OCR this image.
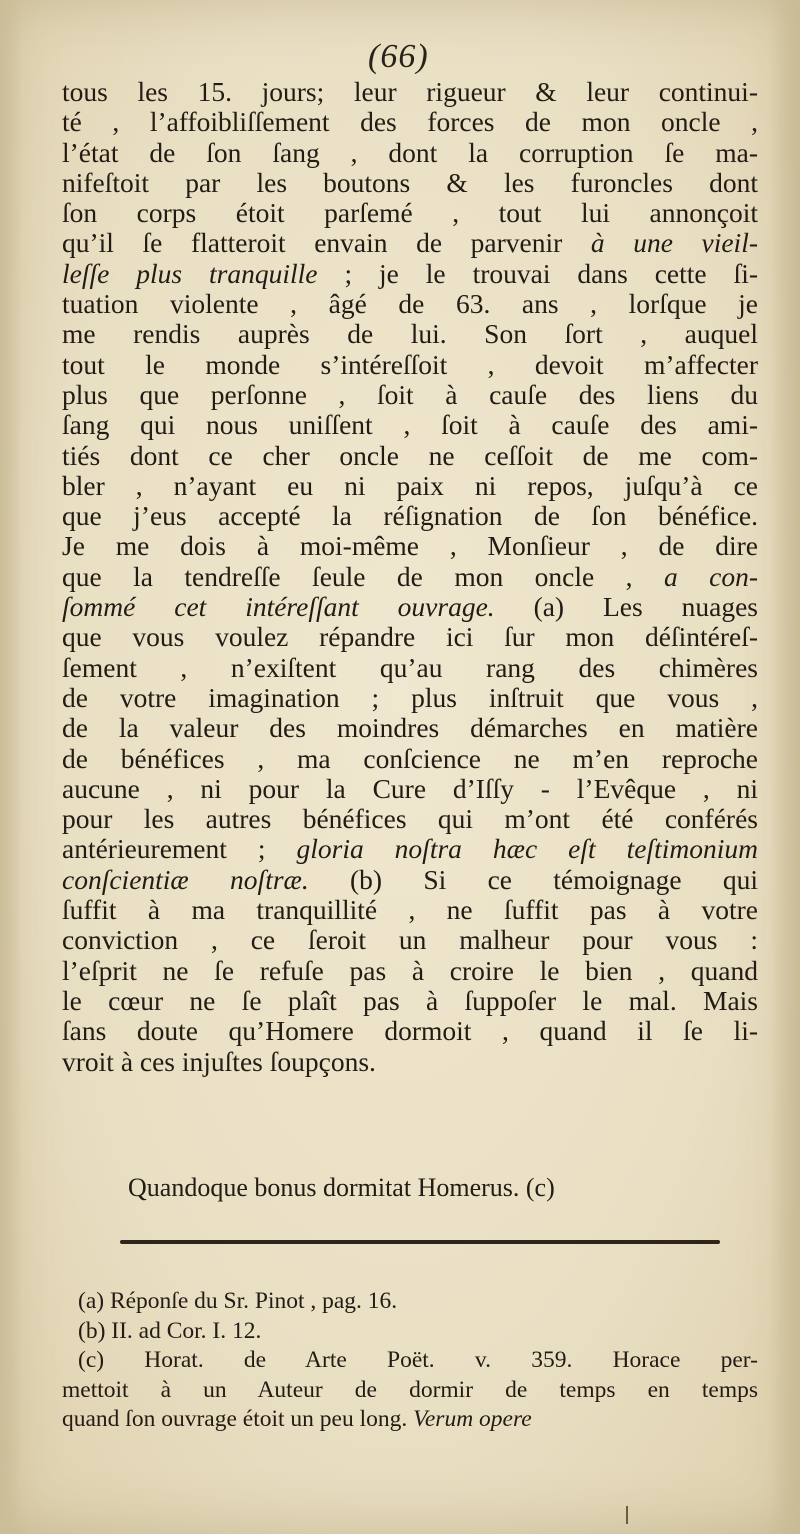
(66)
tous les 15. jours; leur rigueur & leur continui-
té , l’affoibliſſement des forces de mon oncle ,
l’état de ſon ſang , dont la corruption ſe ma-
nifeſtoit par les boutons & les furoncles dont
ſon corps étoit parſemé , tout lui annonçoit
qu’il ſe flatteroit envain de parvenir à une vieil-
leſſe plus tranquille ; je le trouvai dans cette ſi-
tuation violente , âgé de 63. ans , lorſque je
me rendis auprès de lui. Son ſort , auquel
tout le monde s’intéreſſoit , devoit m’affecter
plus que perſonne , ſoit à cauſe des liens du
ſang qui nous uniſſent , ſoit à cauſe des ami-
tiés dont ce cher oncle ne ceſſoit de me com-
bler , n’ayant eu ni paix ni repos, juſqu’à ce
que j’eus accepté la réſignation de ſon bénéfice.
Je me dois à moi-même , Monſieur , de dire
que la tendreſſe ſeule de mon oncle , a con-
ſommé cet intéreſſant ouvrage. (a) Les nuages
que vous voulez répandre ici ſur mon déſintéreſ-
ſement , n’exiſtent qu’au rang des chimères
de votre imagination ; plus inſtruit que vous ,
de la valeur des moindres démarches en matière
de bénéfices , ma conſcience ne m’en reproche
aucune , ni pour la Cure d’Iſſy - l’Evêque , ni
pour les autres bénéfices qui m’ont été conférés
antérieurement ; gloria noſtra hæc eſt teſtimonium
conſcientiæ noſtræ. (b) Si ce témoignage qui
ſuffit à ma tranquillité , ne ſuffit pas à votre
conviction , ce ſeroit un malheur pour vous :
l’eſprit ne ſe refuſe pas à croire le bien , quand
le cœur ne ſe plaît pas à ſuppoſer le mal. Mais
ſans doute qu’Homere dormoit , quand il ſe li-
vroit à ces injuſtes ſoupçons.
Quandoque bonus dormitat Homerus. (c)
(a) Réponſe du Sr. Pinot , pag. 16.
(b) II. ad Cor. I. 12.
(c) Horat. de Arte Poët. v. 359. Horace per-
mettoit à un Auteur de dormir de temps en temps
quand ſon ouvrage étoit un peu long. Verum opere
